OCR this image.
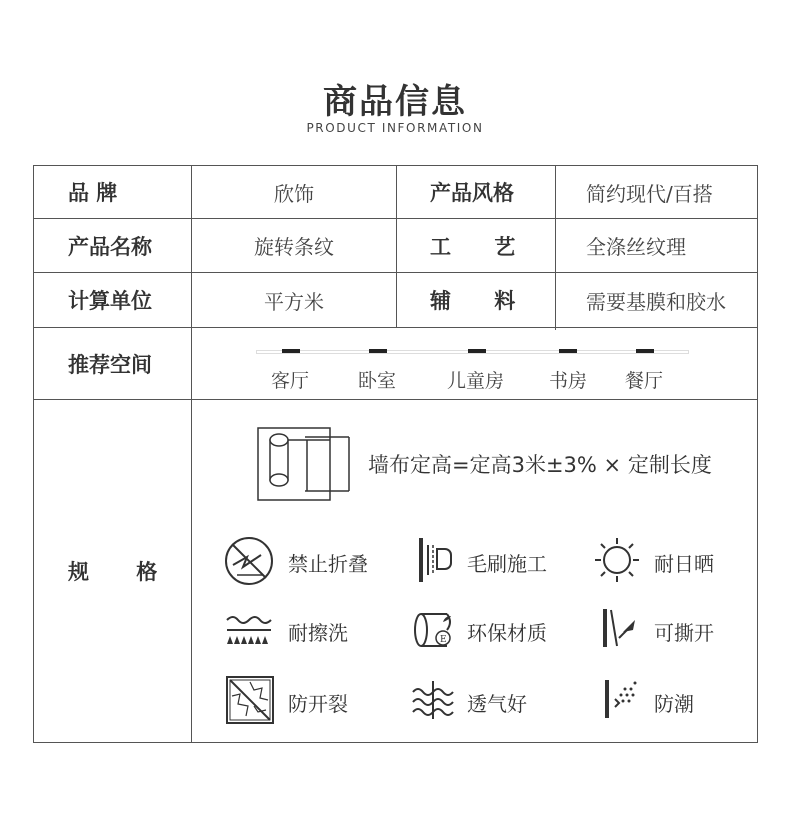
商品信息
PRODUCT INFORMATION
品 牌	欣饰	产品风格	简约现代/百搭
产品名称	旋转条纹	工 艺	全涤丝纹理
计算单位	平方米	辅 料	需要基膜和胶水
推荐空间
客厅	卧室	儿童房 书房 餐厅
规 格
墙布定高=定高3米±3% × 定制长度
禁止折叠	毛刷施工	耐日晒
耐擦洗	E 环保材质	可撕开
防开裂	透气好	防潮
